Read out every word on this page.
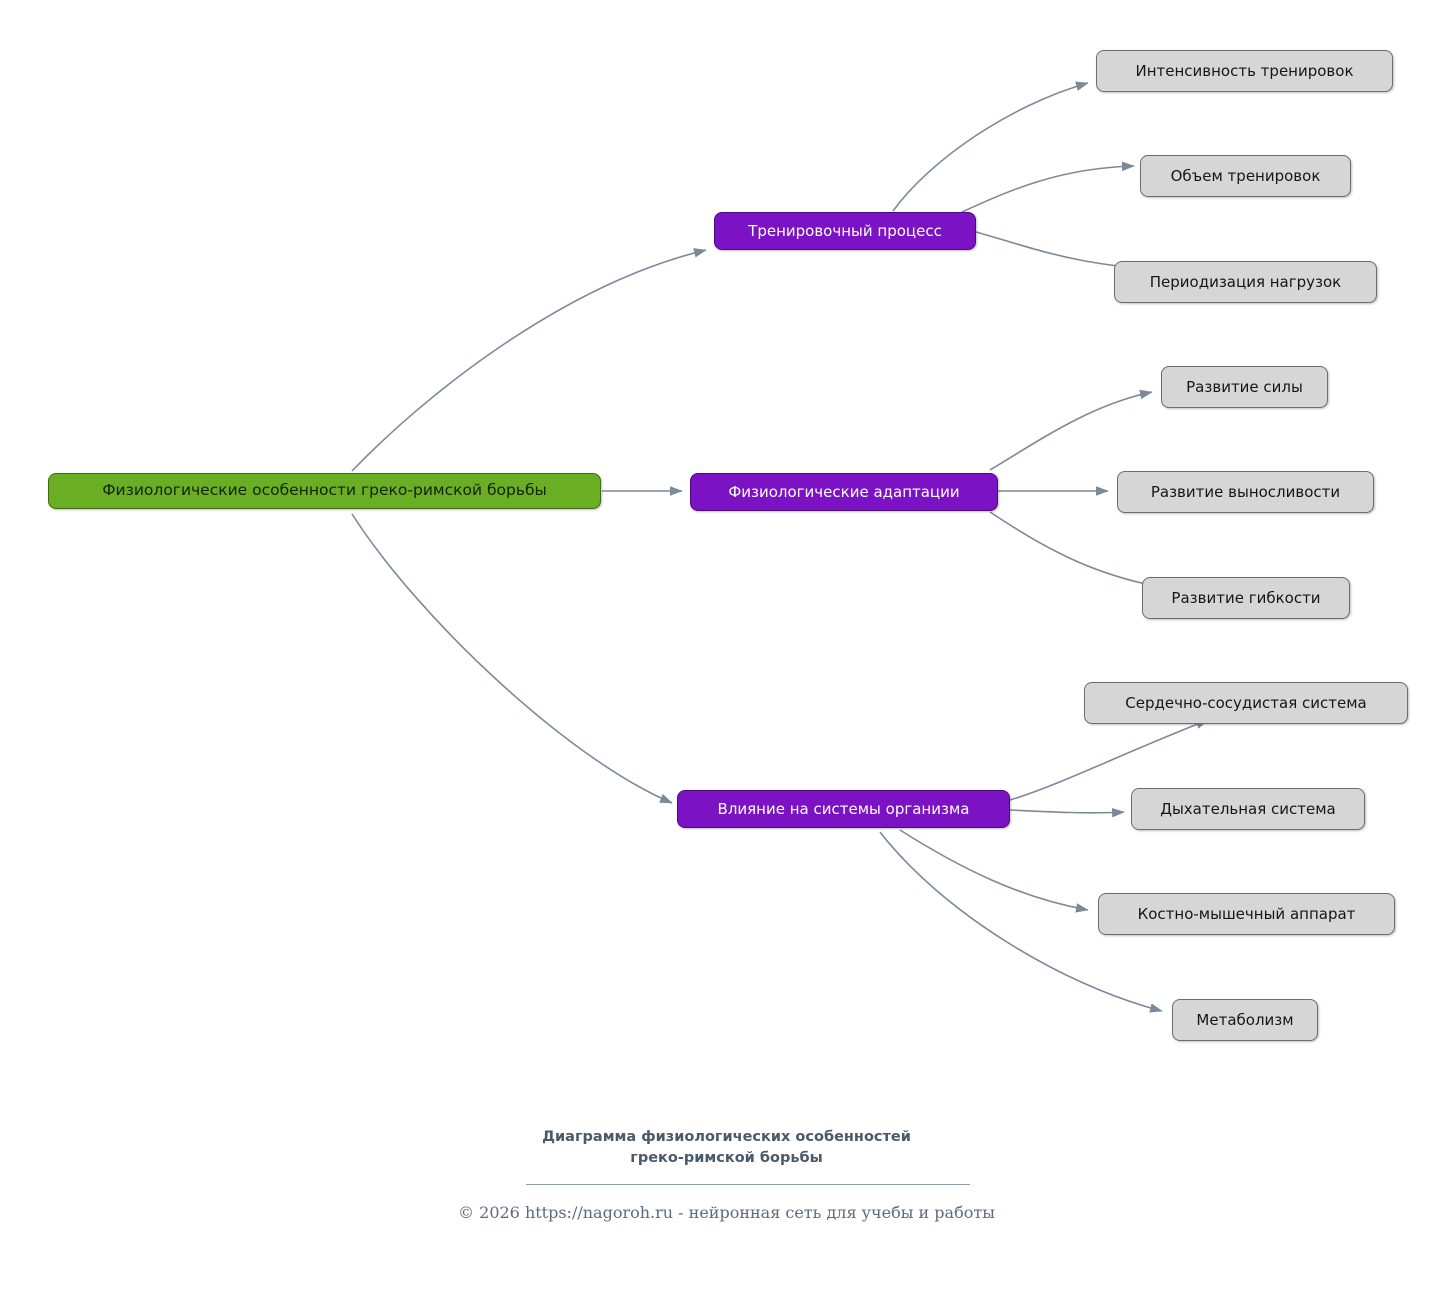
Физиологические особенности греко-римской борьбы
Тренировочный процесс
Физиологические адаптации
Влияние на системы организма
Интенсивность тренировок
Объем тренировок
Периодизация нагрузок
Развитие силы
Развитие выносливости
Развитие гибкости
Сердечно-сосудистая система
Дыхательная система
Костно-мышечный аппарат
Метаболизм
Диаграмма физиологических особенностей
греко-римской борьбы
© 2026 https://nagoroh.ru - нейронная сеть для учебы и работы
